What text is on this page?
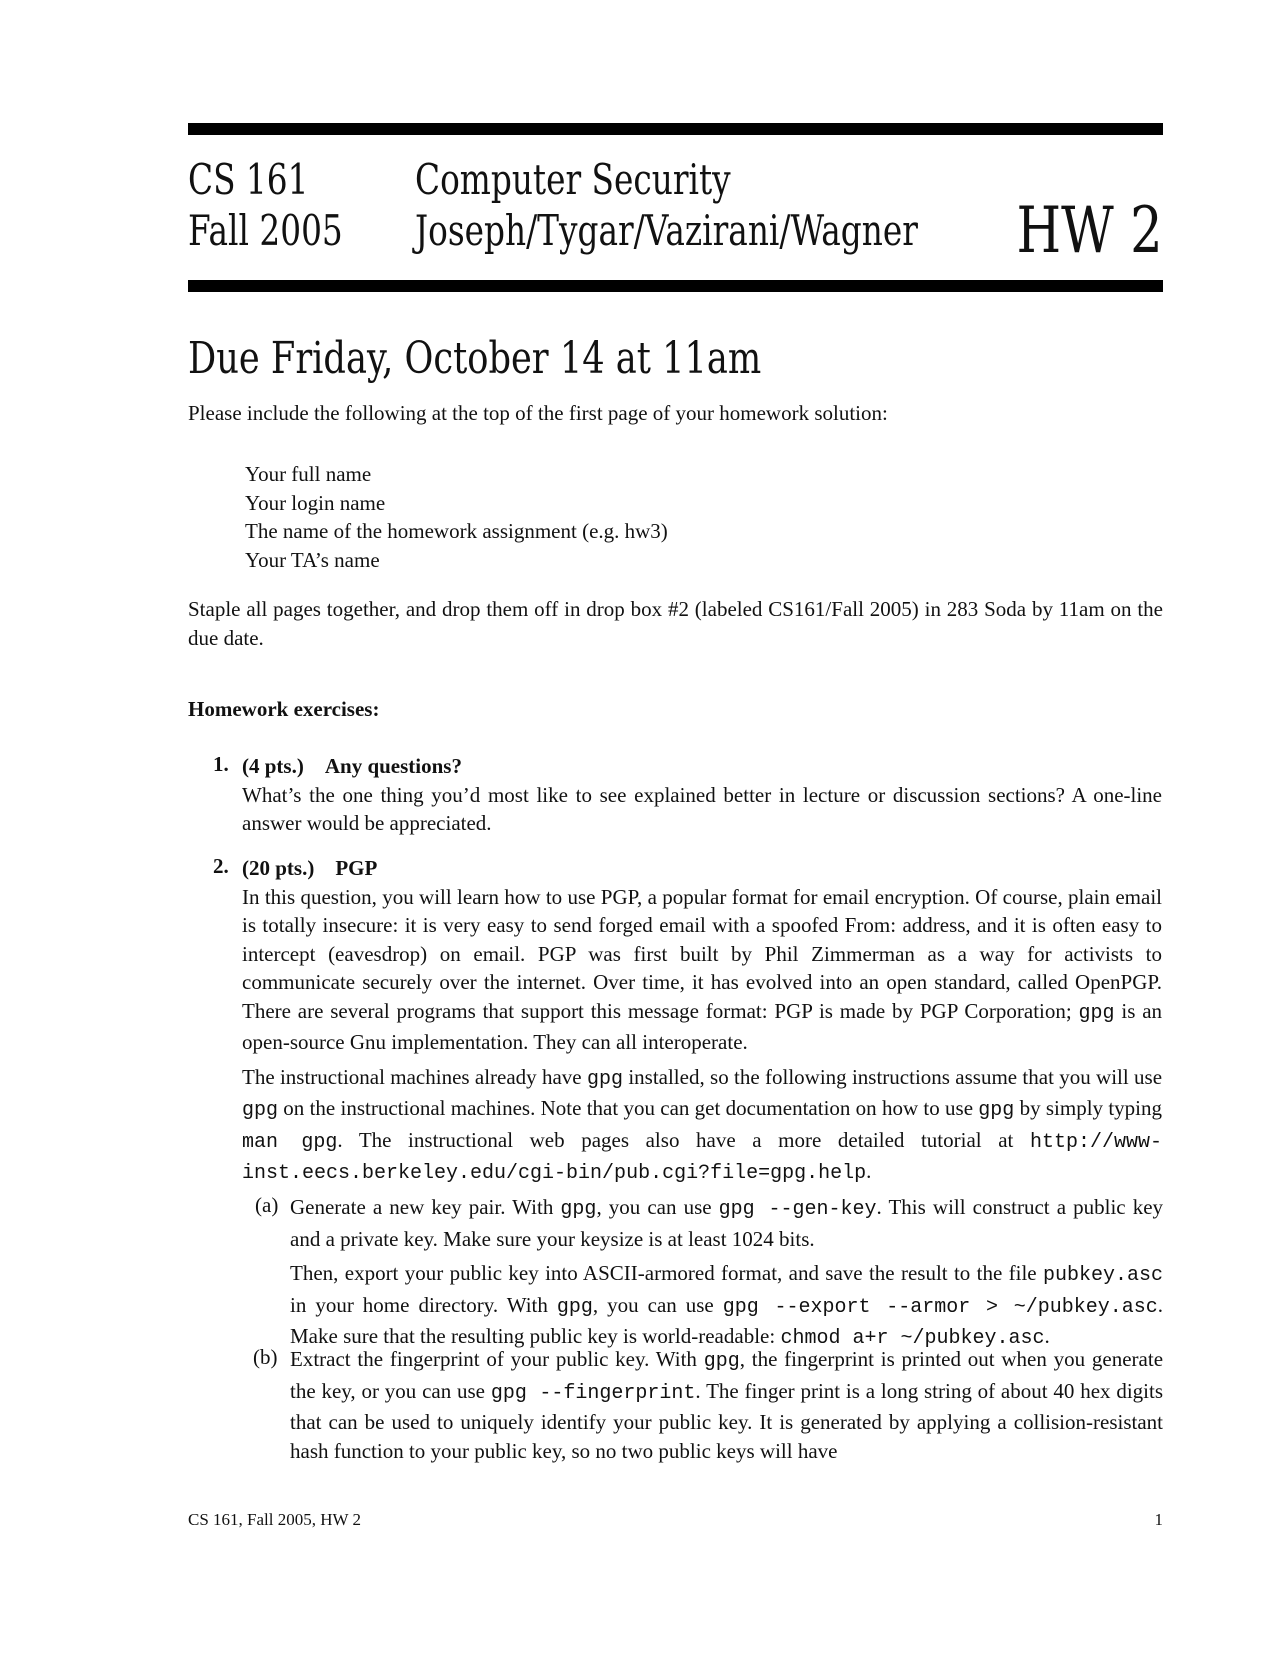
CS 161
Fall 2005
Computer Security
Joseph/Tygar/Vazirani/Wagner HW 2
Due Friday, October 14 at 11am
Please include the following at the top of the first page of your homework solution:
Your full name
Your login name
The name of the homework assignment (e.g. hw3)
Your TA’s name
Staple all pages together, and drop them off in drop box #2 (labeled CS161/Fall 2005) in 283 Soda by 11am on the due date.
Homework exercises:
1. (4 pts.) Any questions?

What’s the one thing you’d most like to see explained better in lecture or discussion sections? A one-line answer would be appreciated.

2. (20 pts.) PGP

In this question, you will learn how to use PGP, a popular format for email encryption. Of course, plain email is totally insecure: it is very easy to send forged email with a spoofed From: address, and it is often easy to intercept (eavesdrop) on email. PGP was first built by Phil Zimmerman as a way for activists to communicate securely over the internet. Over time, it has evolved into an open standard, called OpenPGP. There are several programs that support this message format: PGP is made by PGP Corporation; gpg is an open-source Gnu implementation. They can all interoperate.

The instructional machines already have gpg installed, so the following instructions assume that you will use gpg on the instructional machines. Note that you can get documentation on how to use gpg by simply typing man gpg. The instructional web pages also have a more detailed tutorial at http://www-inst.eecs.berkeley.edu/cgi-bin/pub.cgi?file=gpg.help.

(a) Generate a new key pair. With gpg, you can use gpg --gen-key. This will construct a public key and a private key. Make sure your keysize is at least 1024 bits.

Then, export your public key into ASCII-armored format, and save the result to the file pubkey.asc in your home directory. With gpg, you can use gpg --export --armor > ~/pubkey.asc. Make sure that the resulting public key is world-readable: chmod a+r ~/pubkey.asc.

(b) Extract the fingerprint of your public key. With gpg, the fingerprint is printed out when you generate the key, or you can use gpg --fingerprint. The finger print is a long string of about 40 hex digits that can be used to uniquely identify your public key. It is generated by applying a collision-resistant hash function to your public key, so no two public keys will have

CS 161, Fall 2005, HW 2	1
